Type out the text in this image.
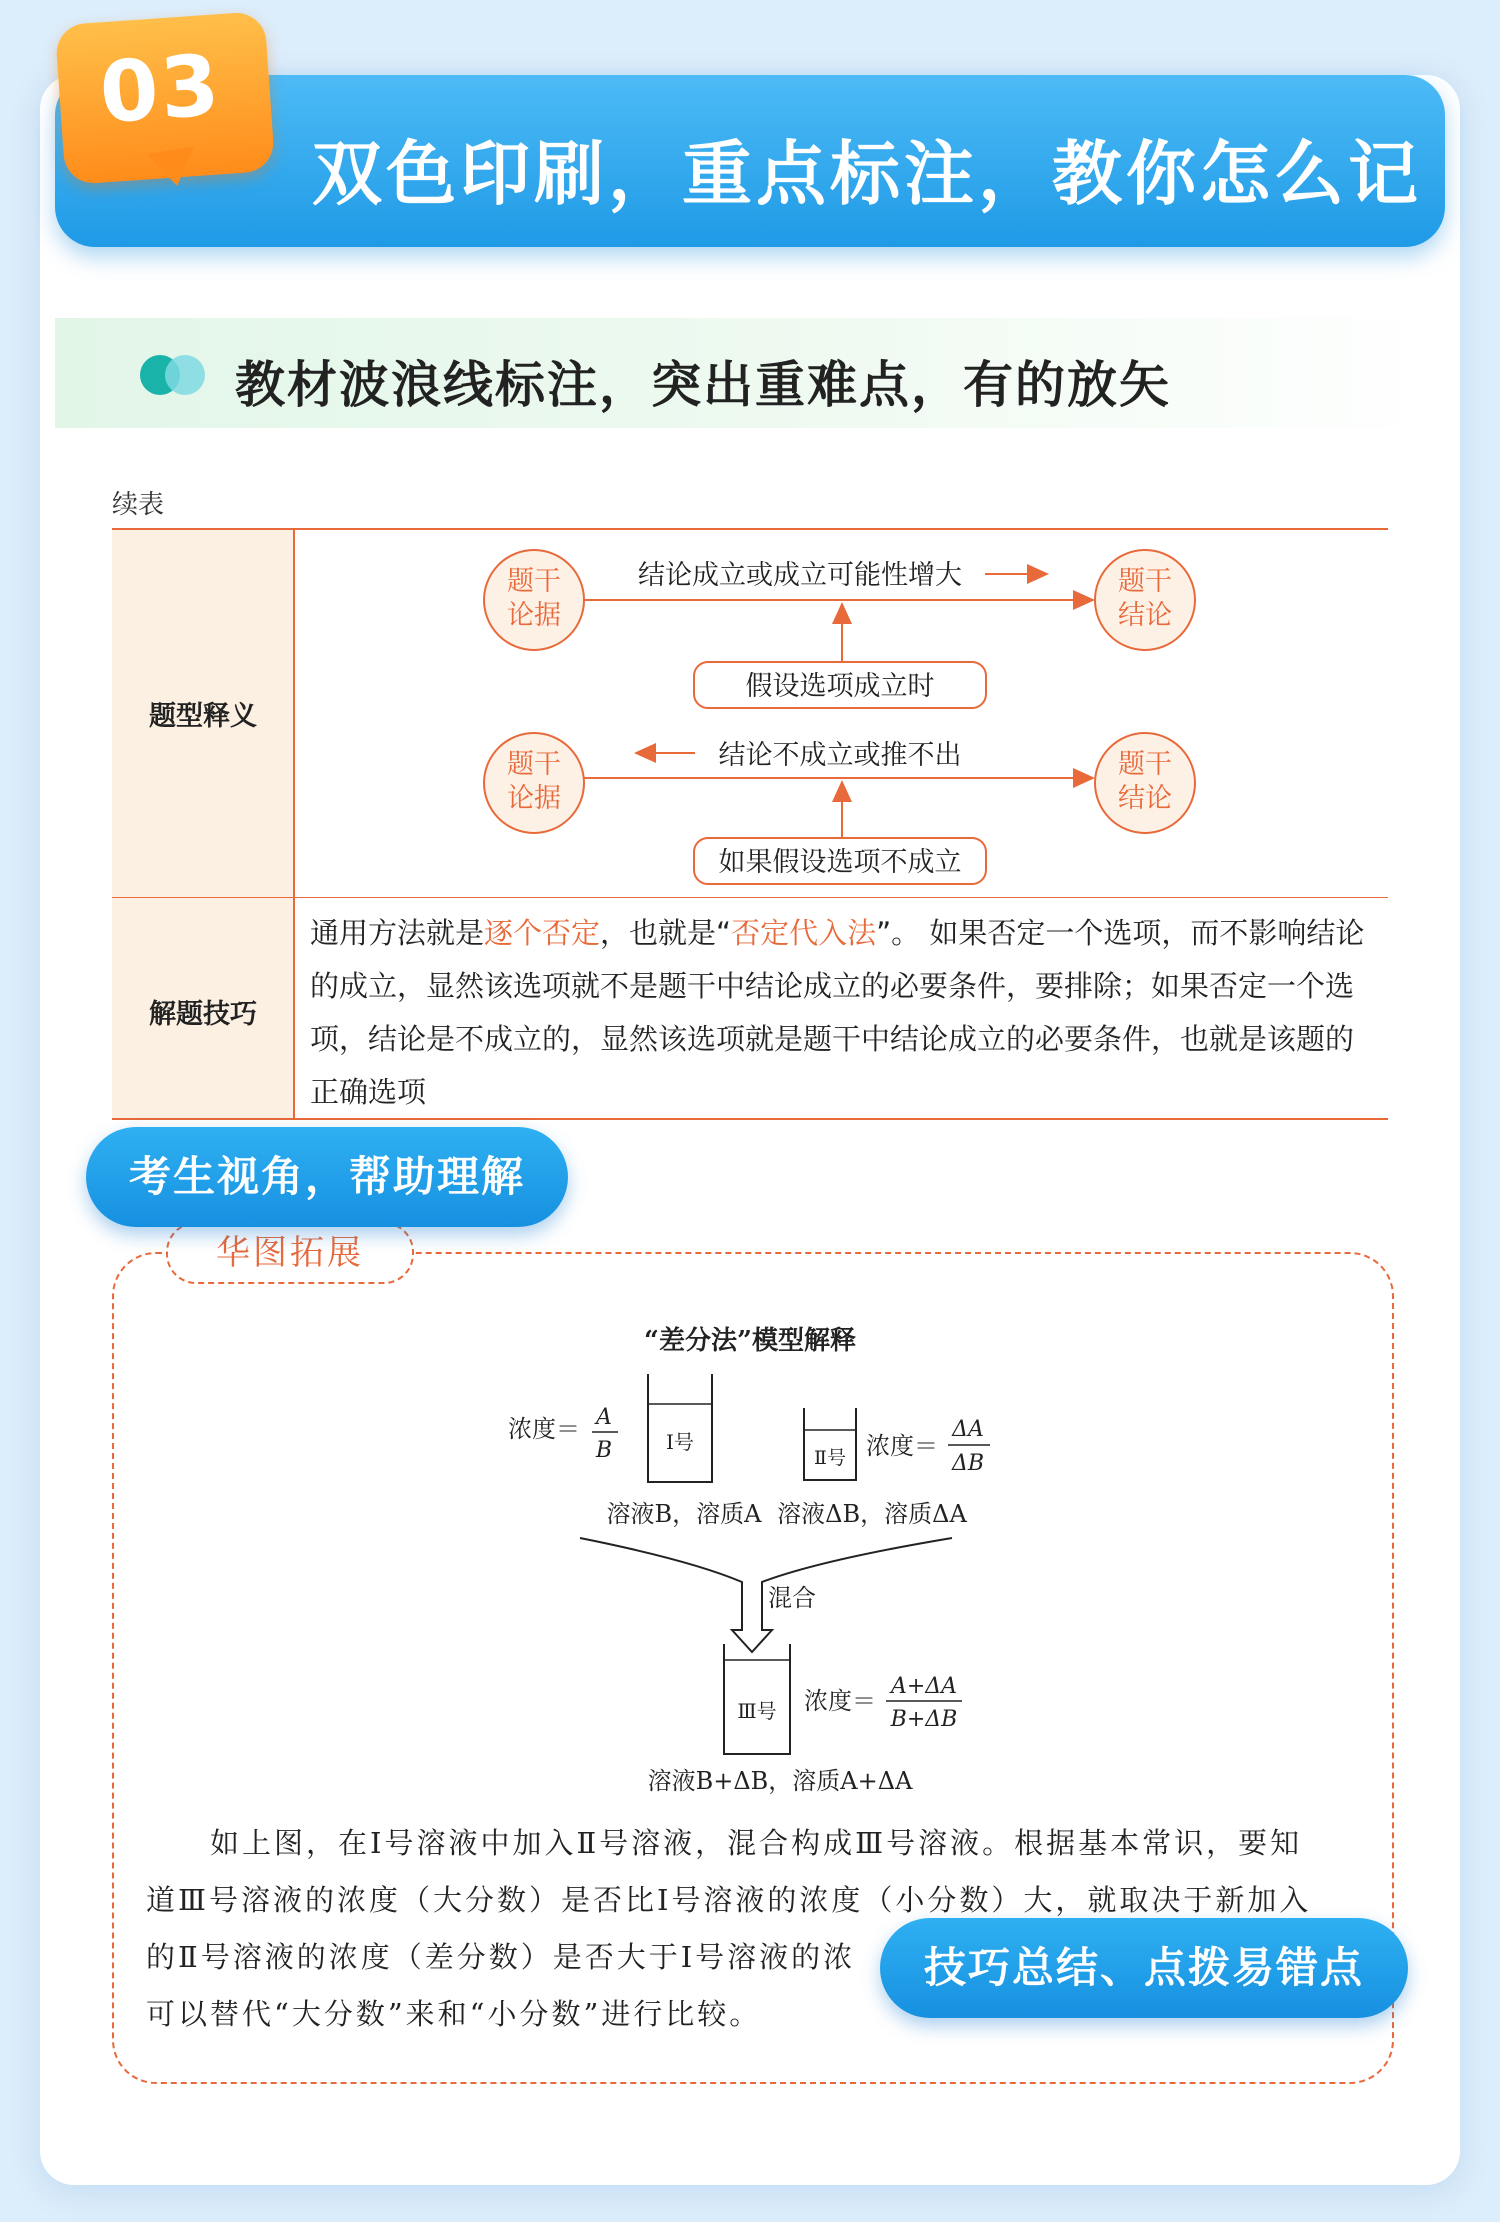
双色印刷，重点标注，教你怎么记
03
教材波浪线标注，突出重难点，有的放矢
续表
题型释义
解题技巧
题干
论据
题干
结论
结论成立或成立可能性增大
假设选项成立时
题干
论据
题干
结论
结论不成立或推不出
如果假设选项不成立
通用方法就是逐个否定，也就是“否定代入法”。 如果否定一个选项，而不影响结论的成立，显然该选项就不是题干中结论成立的必要条件，要排除；如果否定一个选项，结论是不成立的，显然该选项就是题干中结论成立的必要条件，也就是该题的正确选项
华图拓展
“差分法”模型解释
Ⅰ号
浓度＝ A
B
溶液B，溶质A
Ⅱ号 浓度＝
ΔA
ΔB
溶液ΔB，溶质ΔA
混合
Ⅲ号 浓度＝
A+ΔA
B+ΔB
溶液B+ΔB，溶质A+ΔA

如上图，在Ⅰ号溶液中加入Ⅱ号溶液，混合构成Ⅲ号溶液。根据基本常识，要知

道Ⅲ号溶液的浓度（大分数）是否比Ⅰ号溶液的浓度（小分数）大，就取决于新加入

的Ⅱ号溶液的浓度（差分数）是否大于Ⅰ号溶液的浓

可以替代“大分数”来和“小分数”进行比较。

考生视角，帮助理解
技巧总结、点拨易错点
